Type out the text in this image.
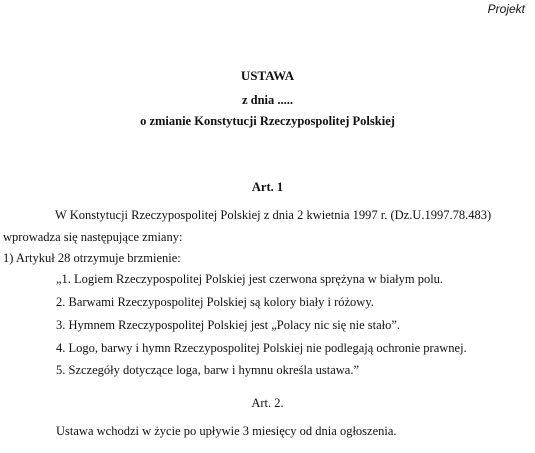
Projekt
USTAWA
z dnia .....
o zmianie Konstytucji Rzeczypospolitej Polskiej
Art. 1
W Konstytucji Rzeczypospolitej Polskiej z dnia 2 kwietnia 1997 r. (Dz.U.1997.78.483)
wprowadza się następujące zmiany:
1) Artykuł 28 otrzymuje brzmienie:
„1. Logiem Rzeczypospolitej Polskiej jest czerwona sprężyna w białym polu.
2. Barwami Rzeczypospolitej Polskiej są kolory biały i różowy.
3. Hymnem Rzeczypospolitej Polskiej jest „Polacy nic się nie stało”.
4. Logo, barwy i hymn Rzeczypospolitej Polskiej nie podlegają ochronie prawnej.
5. Szczegóły dotyczące loga, barw i hymnu określa ustawa.”
Art. 2.
Ustawa wchodzi w życie po upływie 3 miesięcy od dnia ogłoszenia.
